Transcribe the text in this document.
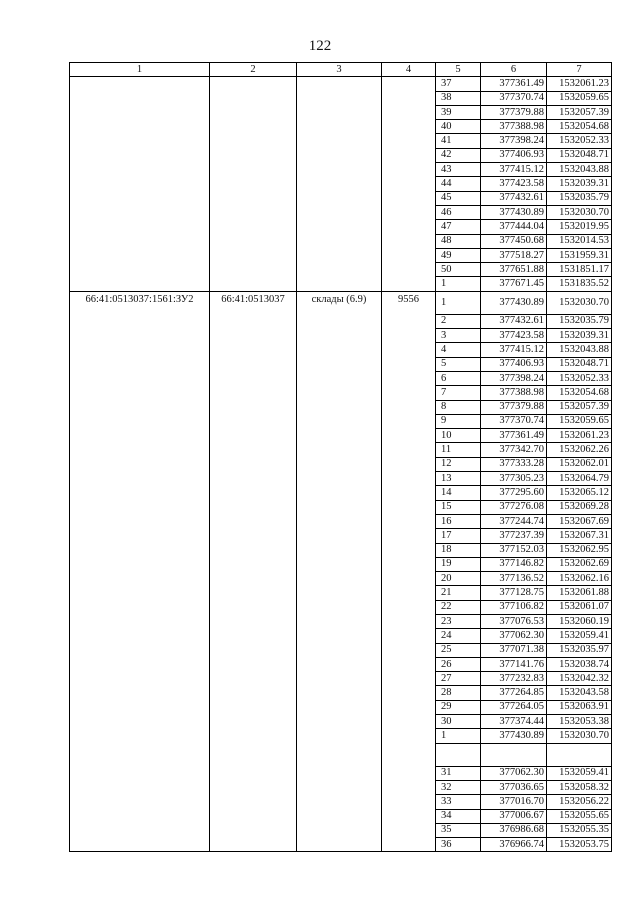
122
1	2	3	4	5	6	7
				37	377361.49	1532061.23
				38	377370.74	1532059.65
				39	377379.88	1532057.39
				40	377388.98	1532054.68
				41	377398.24	1532052.33
				42	377406.93	1532048.71
				43	377415.12	1532043.88
				44	377423.58	1532039.31
				45	377432.61	1532035.79
				46	377430.89	1532030.70
				47	377444.04	1532019.95
				48	377450.68	1532014.53
				49	377518.27	1531959.31
				50	377651.88	1531851.17
				1	377671.45	1531835.52
66:41:0513037:1561:ЗУ2	66:41:0513037	склады (6.9)	9556	1	377430.89	1532030.70
				2	377432.61	1532035.79
				3	377423.58	1532039.31
				4	377415.12	1532043.88
				5	377406.93	1532048.71
				6	377398.24	1532052.33
				7	377388.98	1532054.68
				8	377379.88	1532057.39
				9	377370.74	1532059.65
				10	377361.49	1532061.23
				11	377342.70	1532062.26
				12	377333.28	1532062.01
				13	377305.23	1532064.79
				14	377295.60	1532065.12
				15	377276.08	1532069.28
				16	377244.74	1532067.69
				17	377237.39	1532067.31
				18	377152.03	1532062.95
				19	377146.82	1532062.69
				20	377136.52	1532062.16
				21	377128.75	1532061.88
				22	377106.82	1532061.07
				23	377076.53	1532060.19
				24	377062.30	1532059.41
				25	377071.38	1532035.97
				26	377141.76	1532038.74
				27	377232.83	1532042.32
				28	377264.85	1532043.58
				29	377264.05	1532063.91
				30	377374.44	1532053.38
				1	377430.89	1532030.70

				31	377062.30	1532059.41
				32	377036.65	1532058.32
				33	377016.70	1532056.22
				34	377006.67	1532055.65
				35	376986.68	1532055.35
				36	376966.74	1532053.75
